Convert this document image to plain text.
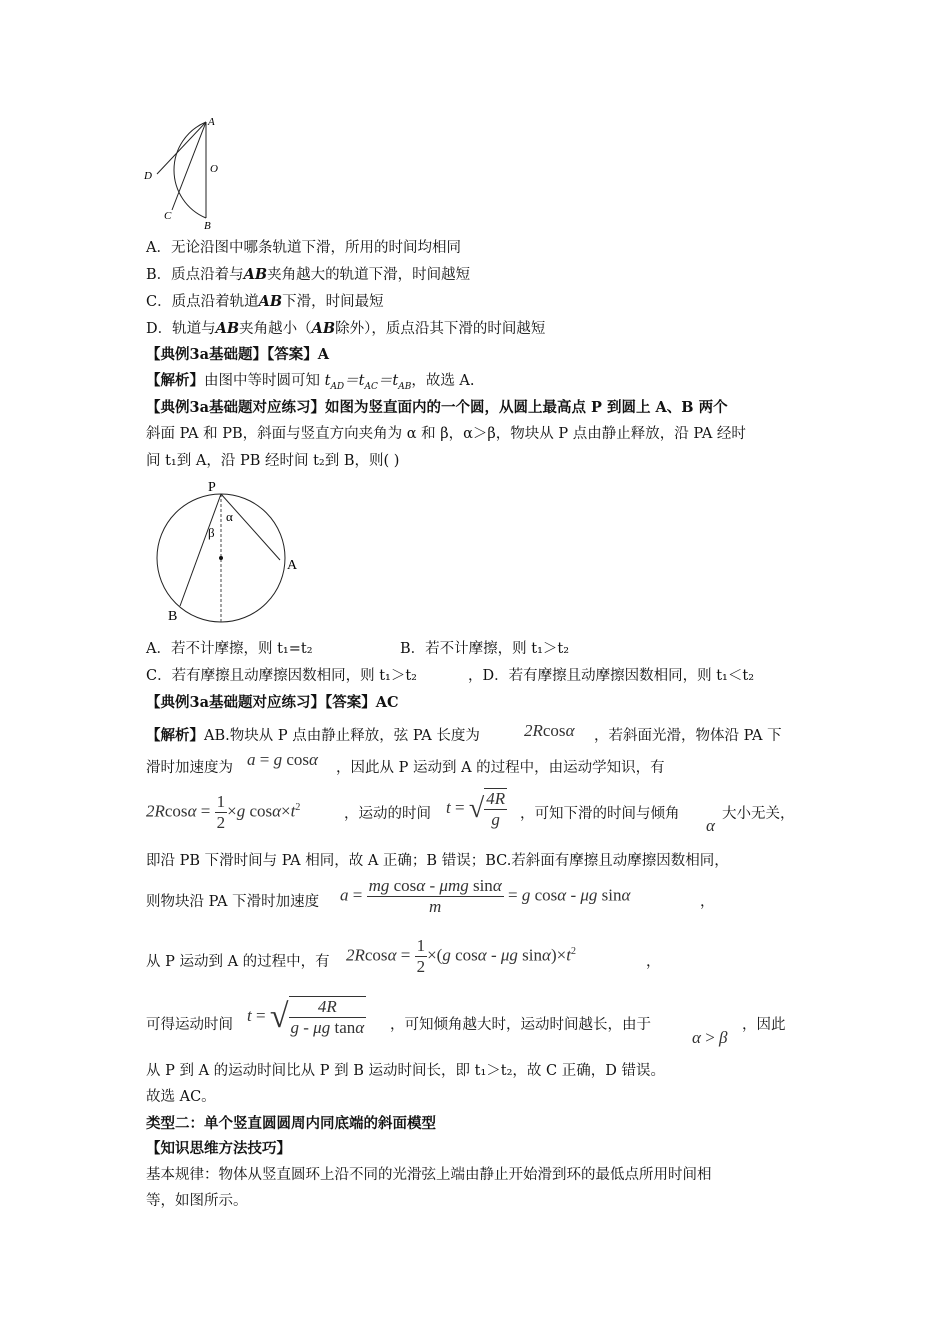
A
O
D
C
B
A．无论沿图中哪条轨道下滑，所用的时间均相同
B．质点沿着与AB夹角越大的轨道下滑，时间越短
C．质点沿着轨道AB下滑，时间最短
D．轨道与AB夹角越小（AB除外），质点沿其下滑的时间越短
【典例3a基础题】【答案】A
【解析】由图中等时圆可知 $t_{AD}=t_{AC}=t_{AB}$，故选 A.
【典例3a基础题对应练习】如图为竖直面内的一个圆，从圆上最高点 P 到圆上 A、B 两个
斜面 PA 和 PB，斜面与竖直方向夹角为 α 和 β，α＞β，物块从 P 点由静止释放，沿 PA 经时
间 t₁到 A，沿 PB 经时间 t₂到 B，则( )
P
A
B
α
β
A．若不计摩擦，则 t₁=t₂	B．若不计摩擦，则 t₁＞t₂
C．若有摩擦且动摩擦因数相同，则 t₁＞t₂	，D．若有摩擦且动摩擦因数相同，则 t₁＜t₂
【典例3a基础题对应练习】【答案】AC
【解析】AB.物块从 P 点由静止释放，弦 PA 长度为	2Rcosα ，若斜面光滑，物体沿 PA 下
滑时加速度为 a = g cosα ，因此从 P 运动到 A 的过程中，由运动学知识，有
$2Rcos\alpha = \frac{1}{2} \times g$ $\cos\alpha\times t^2$	，运动的时间 t = √ $\frac{4R}{g}$ ，可知下滑的时间与倾角
α
大小无关，
即沿 PB 下滑时间与 PA 相同，故 A 正确；B 错误；BC.若斜面有摩擦且动摩擦因数相同，
则物块沿 PA 下滑时加速度 $a = \frac{\text{mg cosα - μmg sinα}}{m} = g$ cosα - μg sinα	，
从 P 运动到 A 的过程中，有 $2Rcos\alpha = \frac{1}{2} \times(g$ cosα - μg $\sin\alpha)\times t^2$
，
可得运动时间
t = √ $\frac{4R}{\text{g - μg tanα}}$ ，可知倾角越大时，运动时间越长，由于
α > β
，因此
从 P 到 A 的运动时间比从 P 到 B 运动时间长，即 t₁＞t₂，故 C 正确，D 错误。
故选 AC。
类型二：单个竖直圆圆周内同底端的斜面模型
【知识思维方法技巧】
基本规律：物体从竖直圆环上沿不同的光滑弦上端由静止开始滑到环的最低点所用时间相
等，如图所示。
